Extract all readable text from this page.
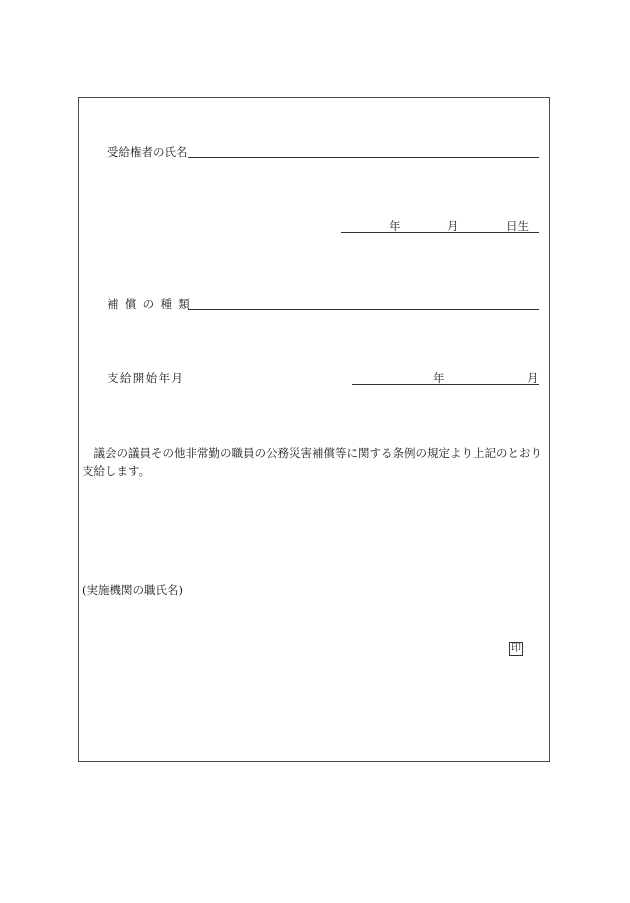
受給権者の氏名
年	月	日生
補償の種類
支給開始年月	年	月
議会の議員その他非常勤の職員の公務災害補償等に関する条例の規定より上記のとおり支給します。
(実施機関の職氏名)
印
